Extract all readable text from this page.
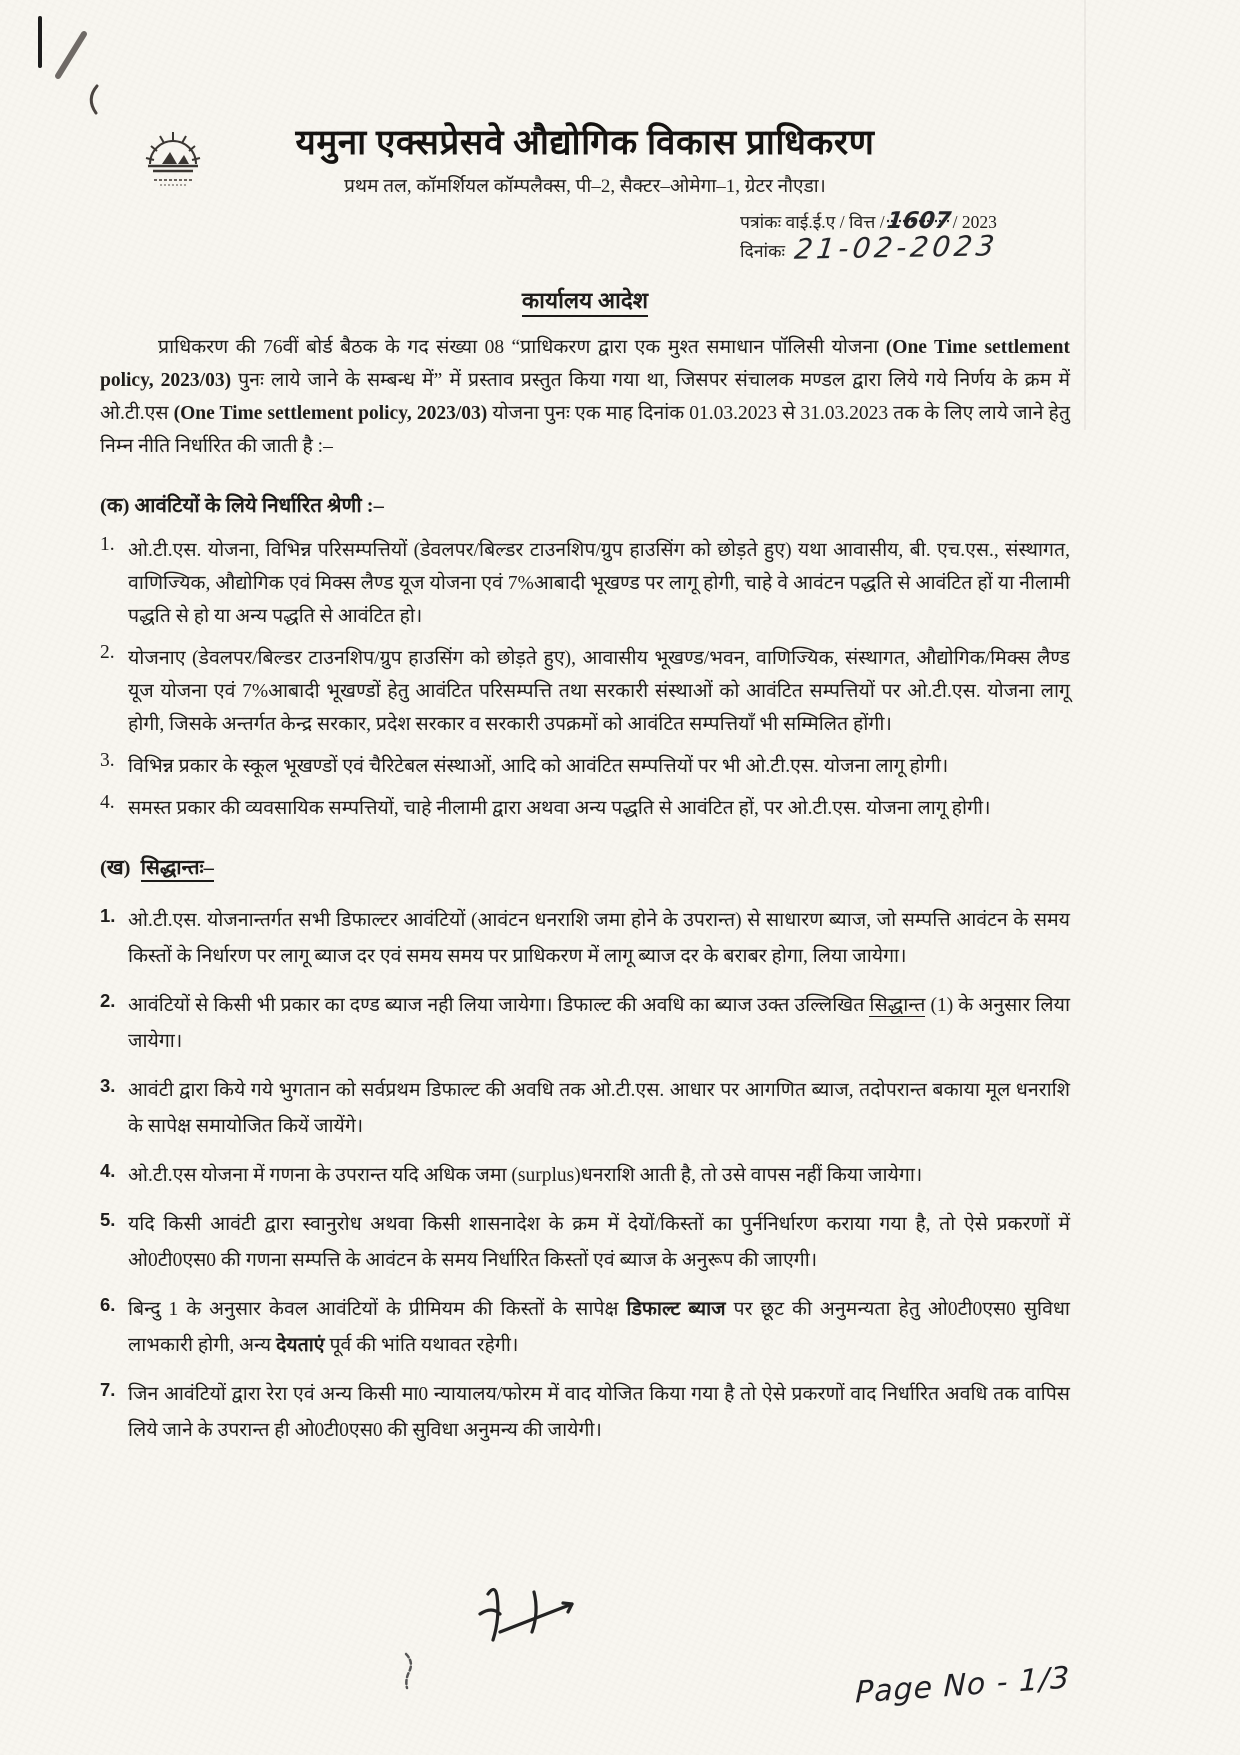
यमुना एक्सप्रेसवे औद्योगिक विकास प्राधिकरण
प्रथम तल, कॉमर्शियल कॉम्पलैक्स, पी–2, सैक्टर–ओमेगा–1, ग्रेटर नौएडा।
पत्रांकः वाई.ई.ए / वित्त /1607/ 2023
दिनांकः 21-02-2023
कार्यालय आदेश

प्राधिकरण की 76वीं बोर्ड बैठक के गद संख्या 08 “प्राधिकरण द्वारा एक मुश्त समाधान पॉलिसी योजना (One Time settlement policy, 2023/03) पुनः लाये जाने के सम्बन्ध में” में प्रस्ताव प्रस्तुत किया गया था, जिसपर संचालक मण्डल द्वारा लिये गये निर्णय के क्रम में ओ.टी.एस (One Time settlement policy, 2023/03) योजना पुनः एक माह दिनांक 01.03.2023 से 31.03.2023 तक के लिए लाये जाने हेतु निम्न नीति निर्धारित की जाती है :–

(क) आवंटियों के लिये निर्धारित श्रेणी :–
1. ओ.टी.एस. योजना, विभिन्न परिसम्पत्तियों (डेवलपर/बिल्डर टाउनशिप/ग्रुप हाउसिंग को छोड़ते हुए) यथा आवासीय, बी. एच.एस., संस्थागत, वाणिज्यिक, औद्योगिक एवं मिक्स लैण्ड यूज योजना एवं 7%आबादी भूखण्ड पर लागू होगी, चाहे वे आवंटन पद्धति से आवंटित हों या नीलामी पद्धति से हो या अन्य पद्धति से आवंटित हो।
2. योजनाए (डेवलपर/बिल्डर टाउनशिप/ग्रुप हाउसिंग को छोड़ते हुए), आवासीय भूखण्ड/भवन, वाणिज्यिक, संस्थागत, औद्योगिक/मिक्स लैण्ड यूज योजना एवं 7%आबादी भूखण्डों हेतु आवंटित परिसम्पत्ति तथा सरकारी संस्थाओं को आवंटित सम्पत्तियों पर ओ.टी.एस. योजना लागू होगी, जिसके अन्तर्गत केन्द्र सरकार, प्रदेश सरकार व सरकारी उपक्रमों को आवंटित सम्पत्तियाँ भी सम्मिलित होंगी।
3. विभिन्न प्रकार के स्कूल भूखण्डों एवं चैरिटेबल संस्थाओं, आदि को आवंटित सम्पत्तियों पर भी ओ.टी.एस. योजना लागू होगी।
4. समस्त प्रकार की व्यवसायिक सम्पत्तियों, चाहे नीलामी द्वारा अथवा अन्य पद्धति से आवंटित हों, पर ओ.टी.एस. योजना लागू होगी।
(ख) सिद्धान्तः–
1. ओ.टी.एस. योजनान्तर्गत सभी डिफाल्टर आवंटियों (आवंटन धनराशि जमा होने के उपरान्त) से साधारण ब्याज, जो सम्पत्ति आवंटन के समय किस्तों के निर्धारण पर लागू ब्याज दर एवं समय समय पर प्राधिकरण में लागू ब्याज दर के बराबर होगा, लिया जायेगा।
2. आवंटियों से किसी भी प्रकार का दण्ड ब्याज नही लिया जायेगा। डिफाल्ट की अवधि का ब्याज उक्त उल्लिखित सिद्धान्त (1) के अनुसार लिया जायेगा।
3. आवंटी द्वारा किये गये भुगतान को सर्वप्रथम डिफाल्ट की अवधि तक ओ.टी.एस. आधार पर आगणित ब्याज, तदोपरान्त बकाया मूल धनराशि के सापेक्ष समायोजित कियें जायेंगे।
4. ओ.टी.एस योजना में गणना के उपरान्त यदि अधिक जमा (surplus)धनराशि आती है, तो उसे वापस नहीं किया जायेगा।
5. यदि किसी आवंटी द्वारा स्वानुरोध अथवा किसी शासनादेश के क्रम में देयों/किस्तों का पुर्ननिर्धारण कराया गया है, तो ऐसे प्रकरणों में ओ0टी0एस0 की गणना सम्पत्ति के आवंटन के समय निर्धारित किस्तों एवं ब्याज के अनुरूप की जाएगी।
6. बिन्दु 1 के अनुसार केवल आवंटियों के प्रीमियम की किस्तों के सापेक्ष डिफाल्ट ब्याज पर छूट की अनुमन्यता हेतु ओ0टी0एस0 सुविधा लाभकारी होगी, अन्य देयताएं पूर्व की भांति यथावत रहेगी।
7. जिन आवंटियों द्वारा रेरा एवं अन्य किसी मा0 न्यायालय/फोरम में वाद योजित किया गया है तो ऐसे प्रकरणों वाद निर्धारित अवधि तक वापिस लिये जाने के उपरान्त ही ओ0टी0एस0 की सुविधा अनुमन्य की जायेगी।
Page No - 1/3
